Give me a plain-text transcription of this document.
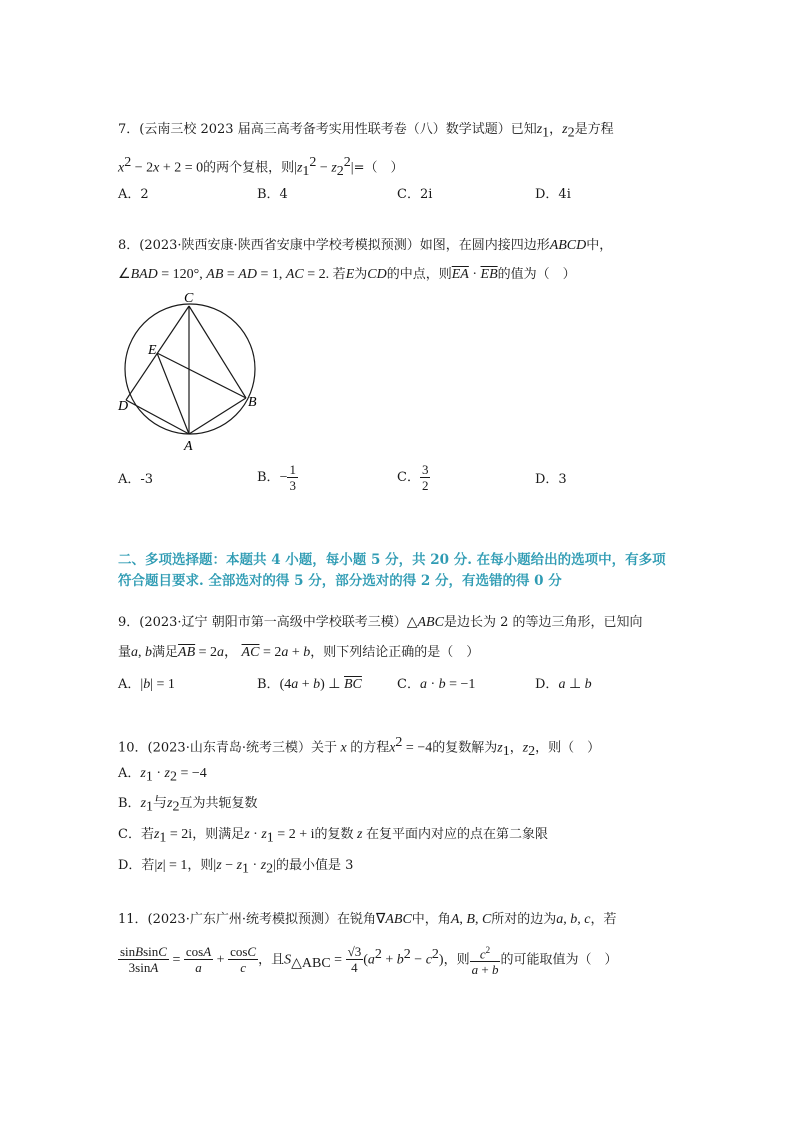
7．(云南三校 2023 届高三高考备考实用性联考卷（八）数学试题）已知$z_1$，$z_2$是方程
$x^2 - 2x + 2 = 0$的两个复根，则$|z_1^2 - z_2^2|=$（　）
A．2	B．4	C．2i	D．4i
8．(2023·陕西安康·陕西省安康中学校考模拟预测）如图，在圆内接四边形ABCD中，
∠BAD = 120°, AB = AD = 1, AC = 2. 若E为CD的中点，则$\overline{EA} \cdot \overline{EB}$的值为（　）
C
E
D	B
A
A．-3	B．− $\frac{1}{3}$	C． $\frac{3}{2}$	D．3
二、多项选择题：本题共 4 小题，每小题 5 分，共 20 分. 在每小题给出的选项中，有多项符合题目要求. 全部选对的得 5 分，部分选对的得 2 分，有选错的得 0 分
9．(2023·辽宁 朝阳市第一高级中学校联考三模）△ABC是边长为 2 的等边三角形，已知向
量a, b满足$\overline{AB} = 2a$， $\overline{AC} = 2a + b$，则下列结论正确的是（　）
A．|b| = 1	B．(4a + b) ⊥ $\overline{BC}$	C．a · b = −1	D．a ⊥ b
10．(2023·山东青岛·统考三模）关于 x 的方程$x^2 = -4$的复数解为$z_1$，$z_2$，则（　）
A．$z_1 \cdot z_2 = -4$
B．$z_1$与$z_2$互为共轭复数
C．若$z_1 = 2i$，则满足$z \cdot z_1 = 2 + i$的复数 z 在复平面内对应的点在第二象限
D．若|z| = 1，则$|z - z_1 \cdot z_2|$的最小值是 3
11．(2023·广东广州·统考模拟预测）在锐角∇ABC中，角A, B, C所对的边为a, b, c，若
$\frac{\text{sinBsinC}}{3\sin A} = \frac{\cos A}{a} + \frac{\cos C}{c}$ ，且$S_{\triangle ABC} = \frac{√3}{4} (a^2 + b^2 - c^2)$，则 $\frac{c^2}{a + b}$ 的可能取值为（　）
